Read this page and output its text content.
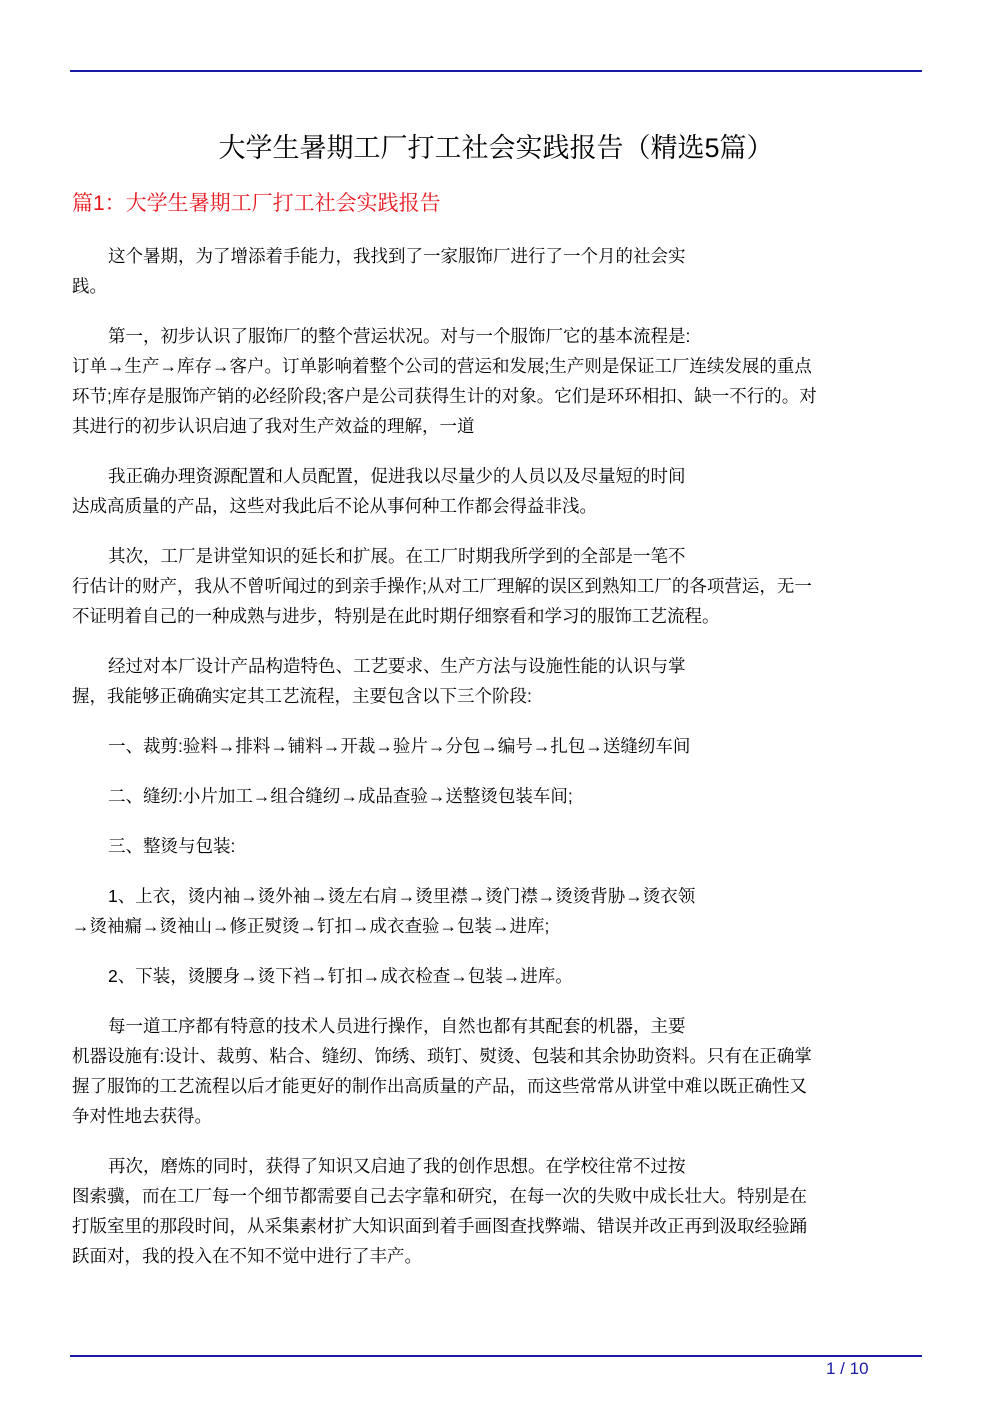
大学生暑期工厂打工社会实践报告（精选5篇）
篇1：大学生暑期工厂打工社会实践报告
这个暑期，为了增添着手能力，我找到了一家服饰厂进行了一个月的社会实
践。
第一，初步认识了服饰厂的整个营运状况。对与一个服饰厂它的基本流程是:
订单→生产→库存→客户。订单影响着整个公司的营运和发展;生产则是保证工厂连续发展的重点
环节;库存是服饰产销的必经阶段;客户是公司获得生计的对象。它们是环环相扣、缺一不行的。对
其进行的初步认识启迪了我对生产效益的理解，一道
我正确办理资源配置和人员配置，促进我以尽量少的人员以及尽量短的时间
达成高质量的产品，这些对我此后不论从事何种工作都会得益非浅。
其次，工厂是讲堂知识的延长和扩展。在工厂时期我所学到的全部是一笔不
行估计的财产，我从不曾听闻过的到亲手操作;从对工厂理解的误区到熟知工厂的各项营运，无一
不证明着自己的一种成熟与进步，特别是在此时期仔细察看和学习的服饰工艺流程。
经过对本厂设计产品构造特色、工艺要求、生产方法与设施性能的认识与掌
握，我能够正确确实定其工艺流程，主要包含以下三个阶段:
一、裁剪:验料→排料→铺料→开裁→验片→分包→编号→扎包→送缝纫车间
二、缝纫:小片加工→组合缝纫→成品查验→送整烫包装车间;
三、整烫与包装:
1、上衣，烫内袖→烫外袖→烫左右肩→烫里襟→烫门襟→烫烫背胁→烫衣领
→烫袖瘺→烫袖山→修正熨烫→钉扣→成衣查验→包装→进库;
2、下装，烫腰身→烫下裆→钉扣→成衣检查→包装→进库。
每一道工序都有特意的技术人员进行操作，自然也都有其配套的机器，主要
机器设施有:设计、裁剪、粘合、缝纫、饰绣、琐钉、熨烫、包装和其余协助资料。只有在正确掌
握了服饰的工艺流程以后才能更好的制作出高质量的产品，而这些常常从讲堂中难以既正确性又
争对性地去获得。
再次，磨炼的同时，获得了知识又启迪了我的创作思想。在学校往常不过按
图索骥，而在工厂每一个细节都需要自己去字靠和研究，在每一次的失败中成长壮大。特别是在
打版室里的那段时间，从采集素材扩大知识面到着手画图查找弊端、错误并改正再到汲取经验踊
跃面对，我的投入在不知不觉中进行了丰产。
1 / 10
